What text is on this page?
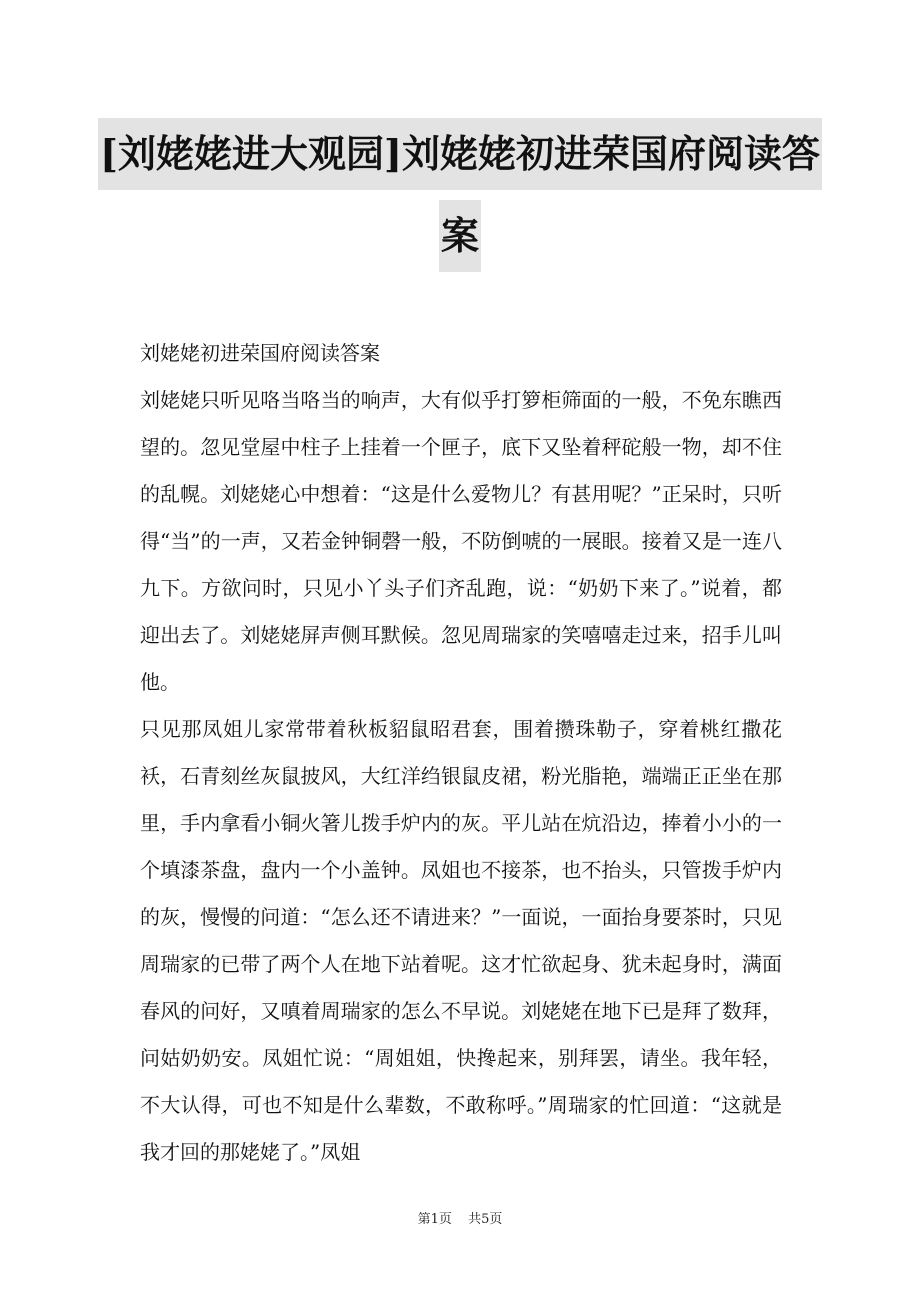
[刘姥姥进大观园]刘姥姥初进荣国府阅读答
案

刘姥姥初进荣国府阅读答案

刘姥姥只听见咯当咯当的响声，大有似乎打箩柜筛面的一般，不免东瞧西望的。忽见堂屋中柱子上挂着一个匣子，底下又坠着秤砣般一物，却不住的乱幌。刘姥姥心中想着：“这是什么爱物儿？有甚用呢？”正呆时，只听得“当”的一声，又若金钟铜磬一般，不防倒唬的一展眼。接着又是一连八九下。方欲问时，只见小丫头子们齐乱跑，说：“奶奶下来了。”说着，都迎出去了。刘姥姥屏声侧耳默候。忽见周瑞家的笑嘻嘻走过来，招手儿叫他。

只见那凤姐儿家常带着秋板貂鼠昭君套，围着攒珠勒子，穿着桃红撒花袄，石青刻丝灰鼠披风，大红洋绉银鼠皮裙，粉光脂艳，端端正正坐在那里，手内拿看小铜火箸儿拨手炉内的灰。平儿站在炕沿边，捧着小小的一个填漆茶盘，盘内一个小盖钟。凤姐也不接茶，也不抬头，只管拨手炉内的灰，慢慢的问道：“怎么还不请进来？”一面说，一面抬身要茶时，只见周瑞家的已带了两个人在地下站着呢。这才忙欲起身、犹未起身时，满面春风的问好，又嗔着周瑞家的怎么不早说。刘姥姥在地下已是拜了数拜，问姑奶奶安。凤姐忙说：“周姐姐，快搀起来，别拜罢，请坐。我年轻，不大认得，可也不知是什么辈数，不敢称呼。”周瑞家的忙回道：“这就是我才回的那姥姥了。”凤姐

第1页 共5页
